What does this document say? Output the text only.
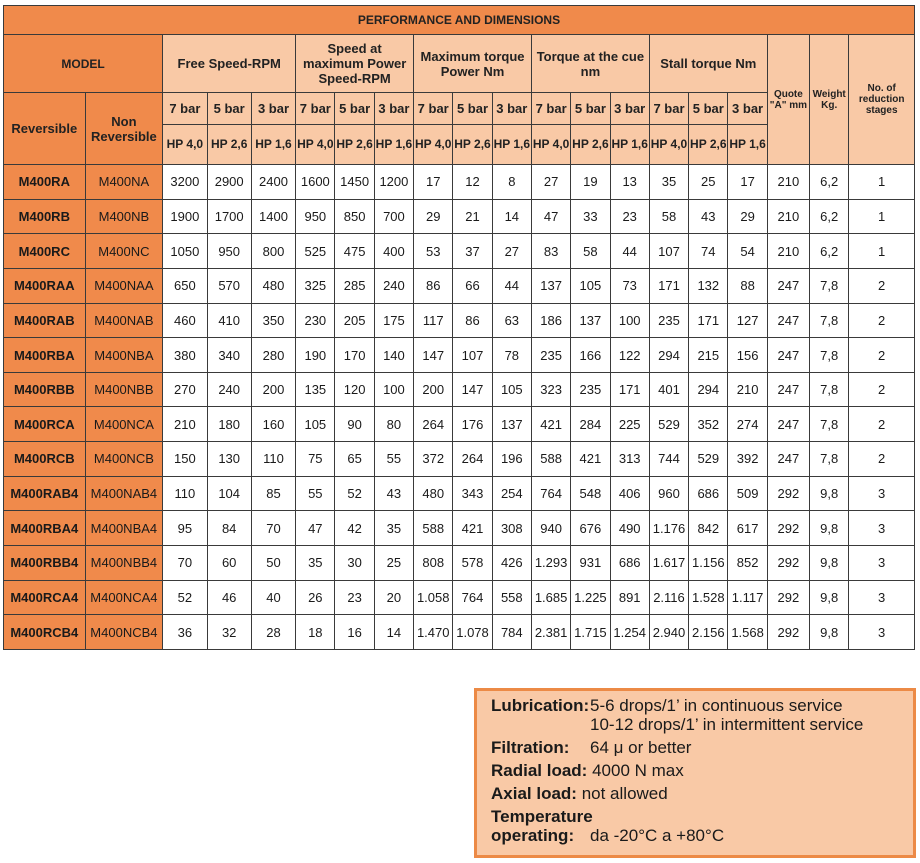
PERFORMANCE AND DIMENSIONS																			
MODEL		Free Speed-RPM			Speed at maximum Power Speed-RPM			Maximum torque Power Nm			Torque at the cue nm			Stall torque Nm			Quote "A" mm	Weight Kg.	No. of reduction stages
Reversible	Non Reversible	7 bar	5 bar	3 bar	7 bar	5 bar	3 bar	7 bar	5 bar	3 bar	7 bar	5 bar	3 bar	7 bar	5 bar	3 bar			
		HP 4,0	HP 2,6	HP 1,6	HP 4,0	HP 2,6	HP 1,6	HP 4,0	HP 2,6	HP 1,6	HP 4,0	HP 2,6	HP 1,6	HP 4,0	HP 2,6	HP 1,6			
M400RA	M400NA	3200	2900	2400	1600	1450	1200	17	12	8	27	19	13	35	25	17	210	6,2	1
M400RB	M400NB	1900	1700	1400	950	850	700	29	21	14	47	33	23	58	43	29	210	6,2	1
M400RC	M400NC	1050	950	800	525	475	400	53	37	27	83	58	44	107	74	54	210	6,2	1
M400RAA	M400NAA	650	570	480	325	285	240	86	66	44	137	105	73	171	132	88	247	7,8	2
M400RAB	M400NAB	460	410	350	230	205	175	117	86	63	186	137	100	235	171	127	247	7,8	2
M400RBA	M400NBA	380	340	280	190	170	140	147	107	78	235	166	122	294	215	156	247	7,8	2
M400RBB	M400NBB	270	240	200	135	120	100	200	147	105	323	235	171	401	294	210	247	7,8	2
M400RCA	M400NCA	210	180	160	105	90	80	264	176	137	421	284	225	529	352	274	247	7,8	2
M400RCB	M400NCB	150	130	110	75	65	55	372	264	196	588	421	313	744	529	392	247	7,8	2
M400RAB4	M400NAB4	110	104	85	55	52	43	480	343	254	764	548	406	960	686	509	292	9,8	3
M400RBA4	M400NBA4	95	84	70	47	42	35	588	421	308	940	676	490	1.176	842	617	292	9,8	3
M400RBB4	M400NBB4	70	60	50	35	30	25	808	578	426	1.293	931	686	1.617	1.156	852	292	9,8	3
M400RCA4	M400NCA4	52	46	40	26	23	20	1.058	764	558	1.685	1.225	891	2.116	1.528	1.117	292	9,8	3
M400RCB4	M400NCB4	36	32	28	18	16	14	1.470	1.078	784	2.381	1.715	1.254	2.940	2.156	1.568	292	9,8	3
Lubrication: 5-6 drops/1’ in continuous service
10-12 drops/1’ in intermittent service
Filtration: 64 μ or better
Radial load: 4000 N max
Axial load: not allowed
Temperature
operating: da -20°C a +80°C
